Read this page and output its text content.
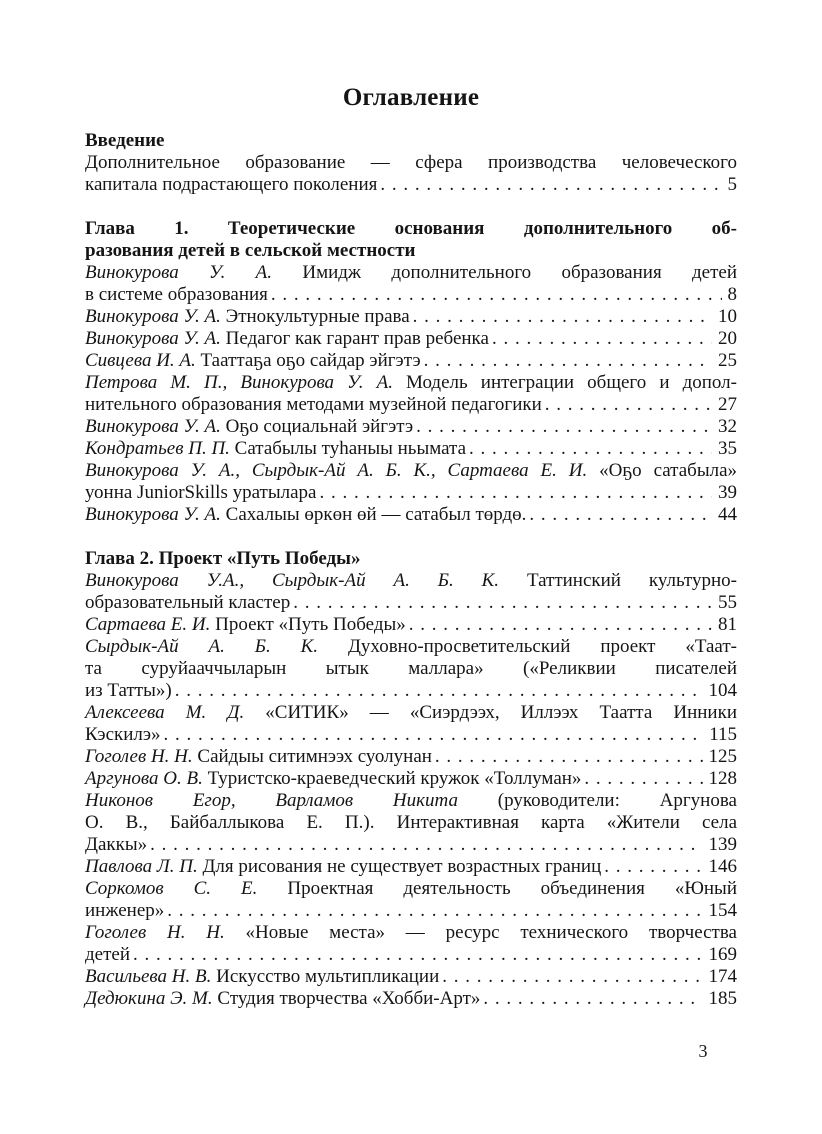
Оглавление
Введение
Дополнительное образование — сфера производства человеческого
капитала подрастающего поколения . . .	5
Глава 1. Теоретические основания дополнительного об-
разования детей в сельской местности
Винокурова У. А. Имидж дополнительного образования детей
в системе образования . . .	8
Винокурова У. А. Этнокультурные права . . .	10
Винокурова У. А. Педагог как гарант прав ребенка . . .	20
Сивцева И. А. Тааттаҕа оҕо сайдар эйгэтэ . . .	25
Петрова М. П., Винокурова У. А. Модель интеграции общего и допол-
нительного образования методами музейной педагогики . . .	27
Винокурова У. А. Оҕо социальнай эйгэтэ . . .	32
Кондратьев П. П. Сатабылы туһаныы ньымата . . .	35
Винокурова У. А., Сырдык-Ай А. Б. К., Сартаева Е. И. «Оҕо сатабыла»
уонна JuniorSkills уратылара . . .	39
Винокурова У. А. Сахалыы өркөн өй — сатабыл төрдө. . . .	44
Глава 2. Проект «Путь Победы»
Винокурова У.А., Сырдык-Ай А. Б. К. Таттинский культурно-
образовательный кластер . . .	55
Сартаева Е. И. Проект «Путь Победы» . . .	81
Сырдык-Ай А. Б. К. Духовно-просветительский проект «Таат-
та суруйааччыларын ытык маллара» («Реликвии писателей
из Татты») . . .	104
Алексеева М. Д. «СИТИК» — «Сиэрдээх, Иллээх Таатта Инники
Кэскилэ» . . .	115
Гоголев Н. Н. Сайдыы ситимнээх суолунан . . .	125
Аргунова О. В. Туристско-краеведческий кружок «Толлуман» . . .	128
Никонов Егор, Варламов Никита (руководители: Аргунова
О. В., Байбаллыкова Е. П.). Интерактивная карта «Жители села
Даккы» . . .	139
Павлова Л. П. Для рисования не существует возрастных границ . . .	146
Соркомов С. Е. Проектная деятельность объединения «Юный
инженер» . . .	154
Гоголев Н. Н. «Новые места» — ресурс технического творчества
детей . . .	169
Васильева Н. В. Искусство мультипликации . . .	174
Дедюкина Э. М. Студия творчества «Хобби-Арт» . . .	185
3
